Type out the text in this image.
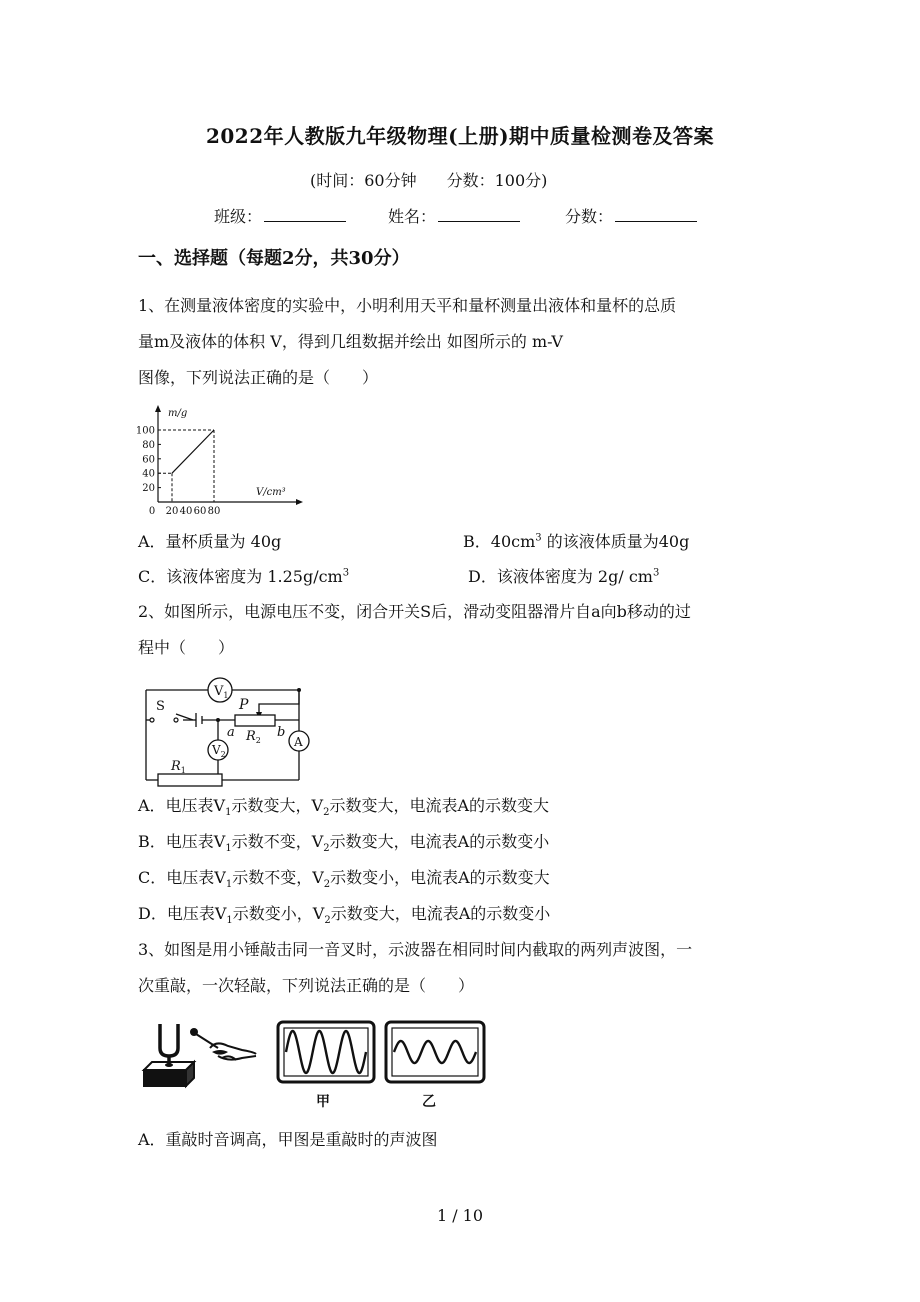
2022年人教版九年级物理(上册)期中质量检测卷及答案
(时间：60分钟 分数：100分)
班级：	姓名：	分数：
一、选择题（每题2分，共30分）
1、在测量液体密度的实验中，小明利用天平和量杯测量出液体和量杯的总质
量m及液体的体积 V，得到几组数据并绘出 如图所示的 m-V
图像，下列说法正确的是（　　）
m/g
V/cm³
100
80
60
40
20
0 20 40 60 80
A．量杯质量为 40g	B．$40cm^3$ 的该液体质量为40g
C．该液体密度为 $1.25g/cm^3$	D．该液体密度为 2g/ $cm^3$
2、如图所示，电源电压不变，闭合开关S后，滑动变阻器滑片自a向b移动的过
程中（　　）
$V_1$
$V_2$
A
S	P
a	b
$R_2$
$R_1$
A．电压表$V_1$示数变大，$V_2$示数变大，电流表A的示数变大
B．电压表$V_1$示数不变，$V_2$示数变大，电流表A的示数变小
C．电压表$V_1$示数不变，$V_2$示数变小，电流表A的示数变大
D．电压表$V_1$示数变小，$V_2$示数变大，电流表A的示数变小
3、如图是用小锤敲击同一音叉时，示波器在相同时间内截取的两列声波图，一
次重敲，一次轻敲，下列说法正确的是（　　）
甲	乙
A．重敲时音调高，甲图是重敲时的声波图
1 / 10
